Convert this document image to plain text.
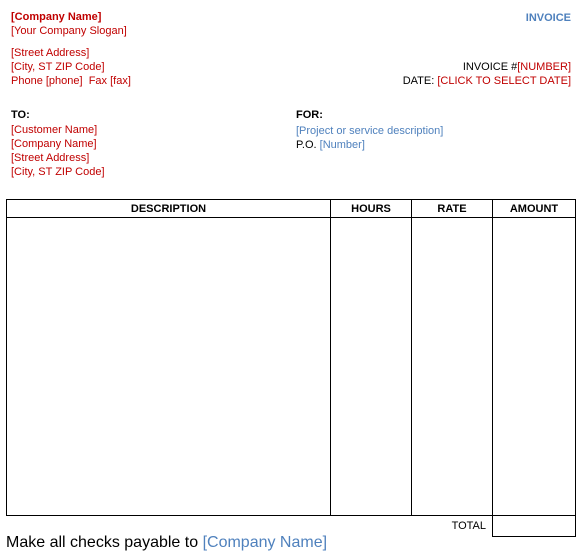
[Company Name]
[Your Company Slogan]
[Street Address]
[City, ST ZIP Code]
Phone [phone] Fax [fax]
INVOICE
INVOICE #[NUMBER]
DATE: [CLICK TO SELECT DATE]
TO:
[Customer Name]
[Company Name]
[Street Address]
[City, ST ZIP Code]
FOR:
[Project or service description]
P.O. [Number]
DESCRIPTION	HOURS	RATE	AMOUNT

		TOTAL	
Make all checks payable to [Company Name]
